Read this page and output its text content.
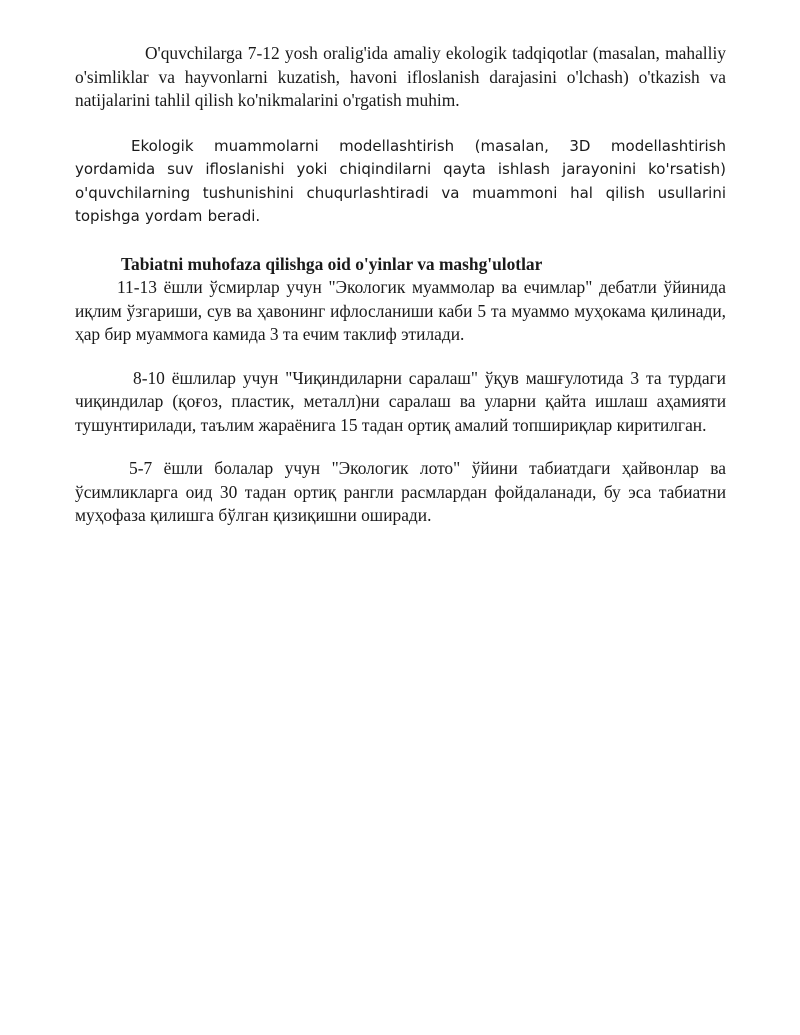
O'quvchilarga 7-12 yosh oralig'ida amaliy ekologik tadqiqotlar (masalan, mahalliy o'simliklar va hayvonlarni kuzatish, havoni ifloslanish darajasini o'lchash) o'tkazish va natijalarini tahlil qilish ko'nikmalarini o'rgatish muhim.

Ekologik muammolarni modellashtirish (masalan, 3D modellashtirish yordamida suv ifloslanishi yoki chiqindilarni qayta ishlash jarayonini ko'rsatish) o'quvchilarning tushunishini chuqurlashtiradi va muammoni hal qilish usullarini topishga yordam beradi.

Tabiatni muhofaza qilishga oid o'yinlar va mashg'ulotlar

11-13 ёшли ўсмирлар учун "Экологик муаммолар ва ечимлар" дебатли ўйинида иқлим ўзгариши, сув ва ҳавонинг ифлосланиши каби 5 та муаммо муҳокама қилинади, ҳар бир муаммога камида 3 та ечим таклиф этилади.

8-10 ёшлилар учун "Чиқиндиларни саралаш" ўқув машғулотида 3 та турдаги чиқиндилар (қоғоз, пластик, металл)ни саралаш ва уларни қайта ишлаш аҳамияти тушунтирилади, таълим жараёнига 15 тадан ортиқ амалий топшириқлар киритилган.

5-7 ёшли болалар учун "Экологик лото" ўйини табиатдаги ҳайвонлар ва ўсимликларга оид 30 тадан ортиқ рангли расмлардан фойдаланади, бу эса табиатни муҳофаза қилишга бўлган қизиқишни оширади.
